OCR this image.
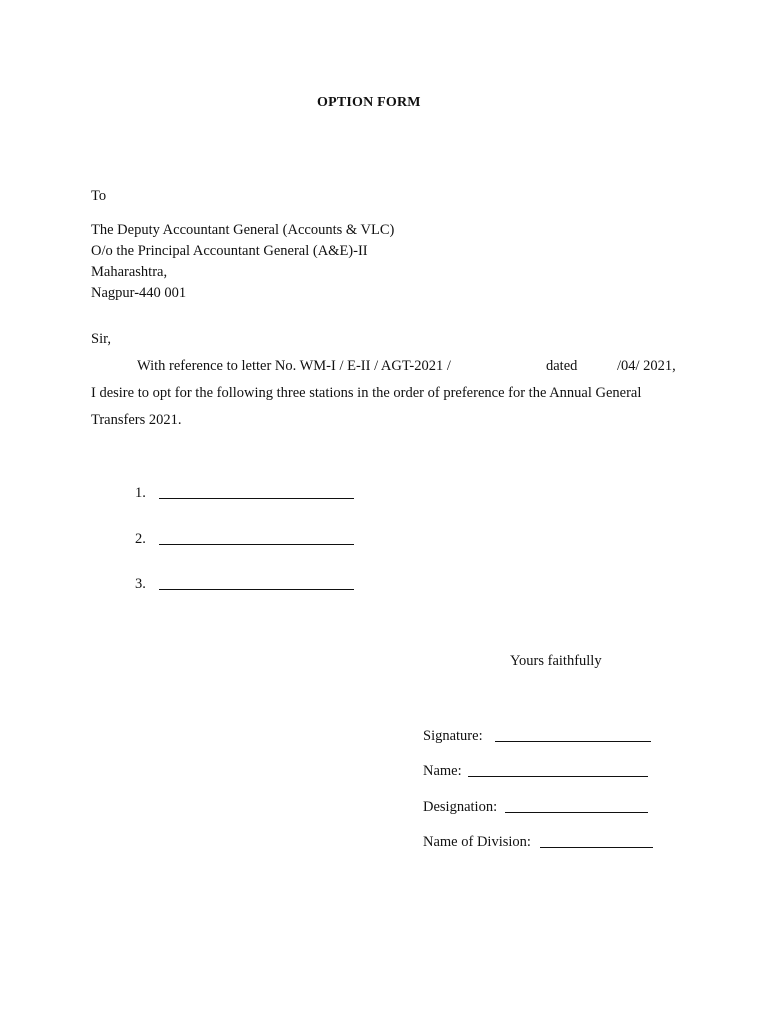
OPTION FORM
To
The Deputy Accountant General (Accounts & VLC)
O/o the Principal Accountant General (A&E)-II
Maharashtra,
Nagpur-440 001
Sir,
With reference to letter No. WM-I / E-II / AGT-2021 /	dated	/04/ 2021,
I desire to opt for the following three stations in the order of preference for the Annual General
Transfers 2021.
1.
2.
3.
Yours faithfully
Signature:
Name:
Designation:
Name of Division:
